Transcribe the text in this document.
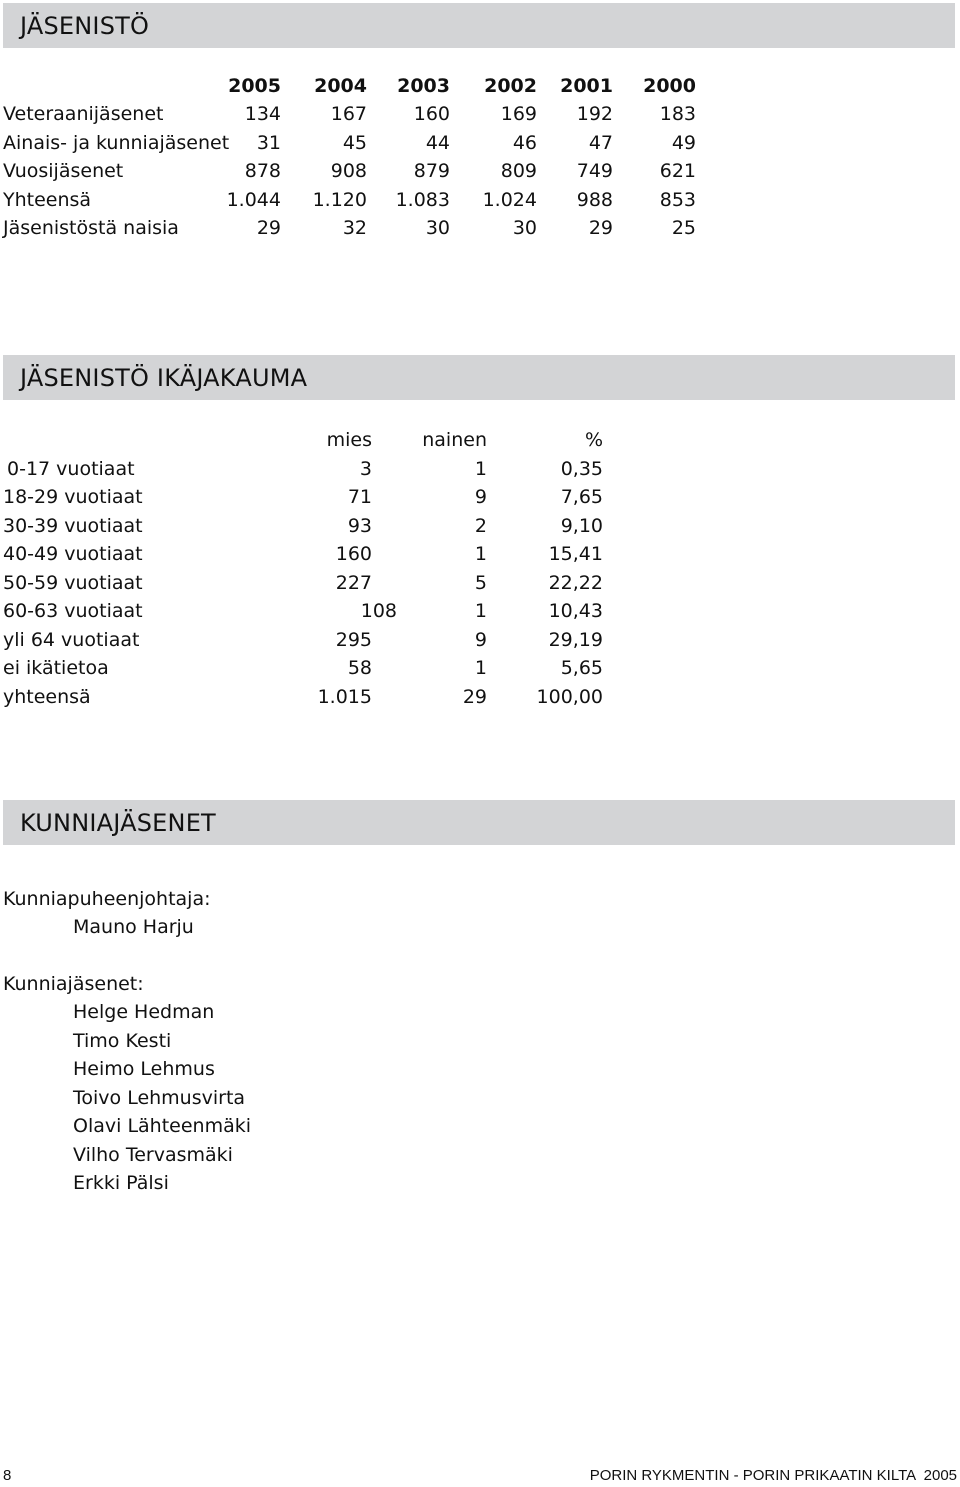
JÄSENISTÖ
2005	2004	2003	2002	2001	2000
Veteraanijäsenet	134	167	160	169	192	183
Ainais- ja kunniajäsenet	31	45	44	46	47	49
Vuosijäsenet	878	908	879	809	749	621
Yhteensä	1.044	1.120	1.083	1.024	988	853
Jäsenistöstä naisia	29	32	30	30	29	25
JÄSENISTÖ IKÄJAKAUMA
mies	nainen	%
0-17 vuotiaat	3	1	0,35
18-29 vuotiaat	71	9	7,65
30-39 vuotiaat	93	2	9,10
40-49 vuotiaat	160	1	15,41
50-59 vuotiaat	227	5	22,22
60-63 vuotiaat	108	1	10,43
yli 64 vuotiaat	295	9	29,19
ei ikätietoa	58	1	5,65
yhteensä	1.015	29	100,00
KUNNIAJÄSENET
Kunniapuheenjohtaja:
Mauno Harju
Kunniajäsenet:
Helge Hedman
Timo Kesti
Heimo Lehmus
Toivo Lehmusvirta
Olavi Lähteenmäki
Vilho Tervasmäki
Erkki Pälsi
8	PORIN RYKMENTIN - PORIN PRIKAATIN KILTA  2005
